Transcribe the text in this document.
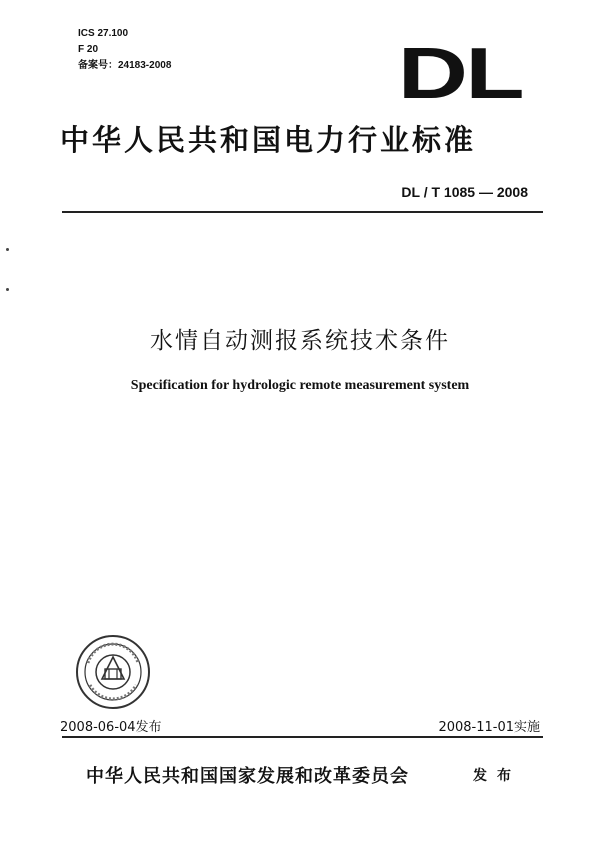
ICS 27.100
F 20
备案号：24183-2008	DL
中华人民共和国电力行业标准
DL / T 1085 — 2008
水情自动测报系统技术条件
Specification for hydrologic remote measurement system
2008-06-04发布	2008-11-01实施
中华人民共和国国家发展和改革委员会	发布
